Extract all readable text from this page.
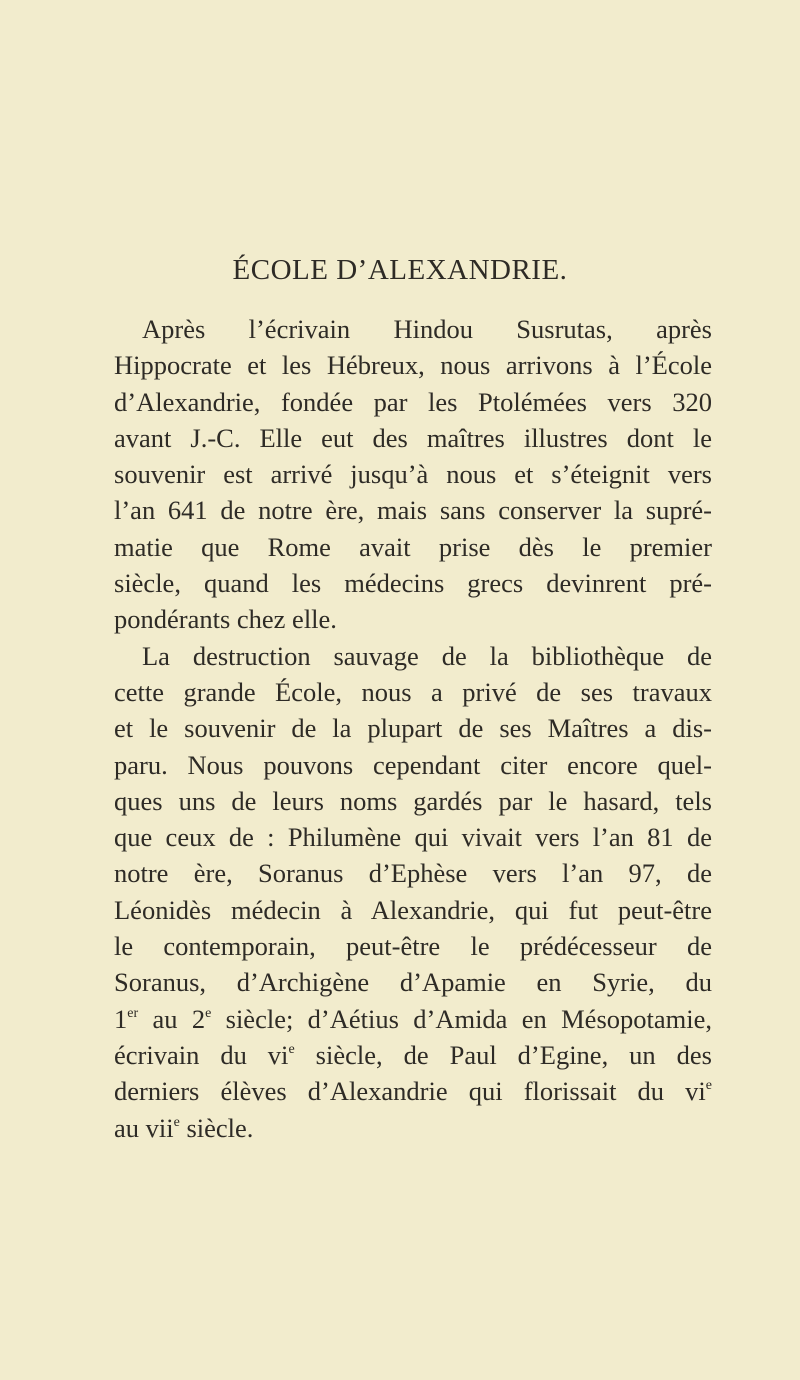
ÉCOLE D’ALEXANDRIE.
Après l’écrivain Hindou Susrutas, après
Hippocrate et les Hébreux, nous arrivons à l’École
d’Alexandrie, fondée par les Ptolémées vers 320
avant J.-C. Elle eut des maîtres illustres dont le
souvenir est arrivé jusqu’à nous et s’éteignit vers
l’an 641 de notre ère, mais sans conserver la supré-
matie que Rome avait prise dès le premier
siècle, quand les médecins grecs devinrent pré-
pondérants chez elle.
La destruction sauvage de la bibliothèque de
cette grande École, nous a privé de ses travaux
et le souvenir de la plupart de ses Maîtres a dis-
paru. Nous pouvons cependant citer encore quel-
ques uns de leurs noms gardés par le hasard, tels
que ceux de : Philumène qui vivait vers l’an 81 de
notre ère, Soranus d’Ephèse vers l’an 97, de
Léonidès médecin à Alexandrie, qui fut peut-être
le contemporain, peut-être le prédécesseur de
Soranus, d’Archigène d’Apamie en Syrie, du
1er au 2e siècle; d’Aétius d’Amida en Mésopotamie,
écrivain du $vi^e$ siècle, de Paul d’Egine, un des
derniers élèves d’Alexandrie qui florissait du $vi^e$
au vii$^e$ siècle.
